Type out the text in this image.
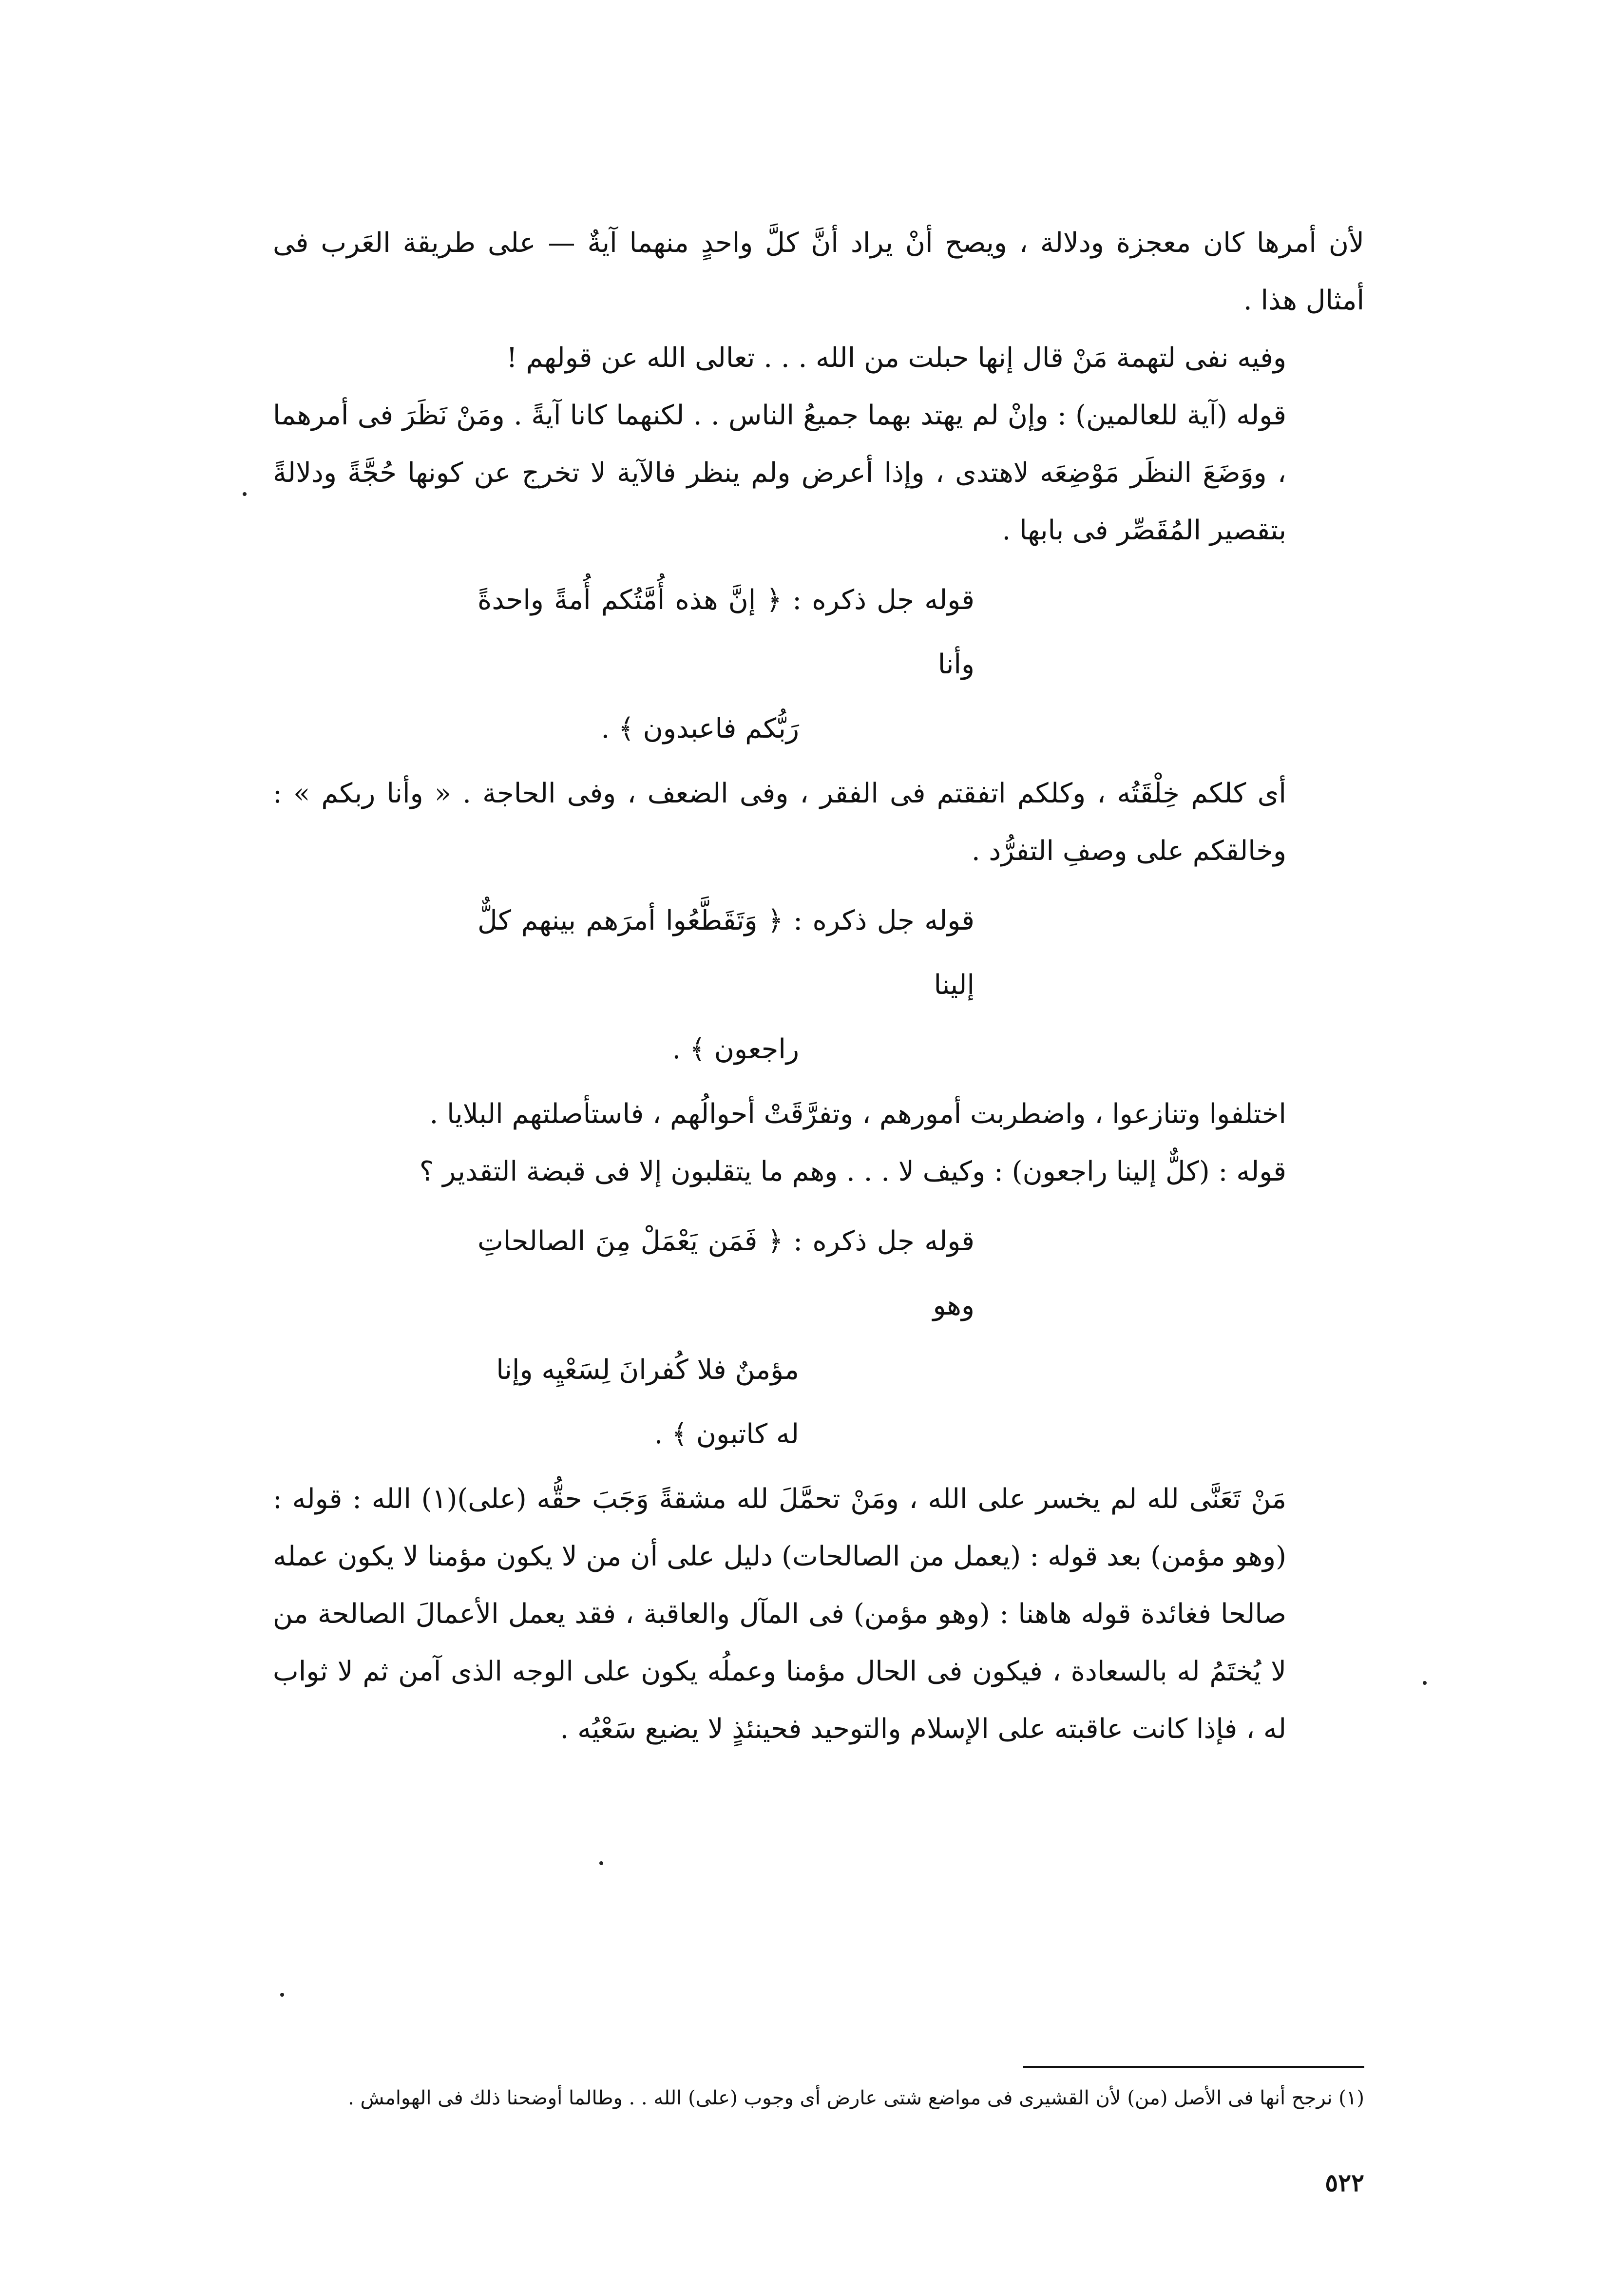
لأن أمرها كان معجزة ودلالة ، ويصح أنْ يراد أنَّ كلَّ واحدٍ منهما آيةٌ — على طريقة العَرب فى أمثال هذا .

وفيه نفى لتهمة مَنْ قال إنها حبلت من الله . . . تعالى الله عن قولهم !

قوله (آية للعالمين) : وإنْ لم يهتد بهما جميعُ الناس . . لكنهما كانا آيةً . ومَنْ نَظَرَ فى أمرهما ، ووَضَعَ النظَر مَوْضِعَه لاهتدى ، وإذا أعرض ولم ينظر فالآية لا تخرج عن كونها حُجَّةً ودلالةً بتقصير المُقَصِّر فى بابها .

قوله جل ذكره : ﴿ إنَّ هذه أُمَّتُكم أُمةً واحدةً وأنا
رَبُّكم فاعبدون ﴾ .

أى كلكم خِلْقَتُه ، وكلكم اتفقتم فى الفقر ، وفى الضعف ، وفى الحاجة . « وأنا ربكم » : وخالقكم على وصفِ التفرُّد .

قوله جل ذكره : ﴿ وَتَقَطَّعُوا أمرَهم بينهم كلٌّ إلينا
راجعون ﴾ .

اختلفوا وتنازعوا ، واضطربت أمورهم ، وتفرَّقَتْ أحوالُهم ، فاستأصلتهم البلايا .

قوله : (كلٌّ إلينا راجعون) : وكيف لا . . . وهم ما يتقلبون إلا فى قبضة التقدير ؟

قوله جل ذكره : ﴿ فَمَن يَعْمَلْ مِنَ الصالحاتِ وهو
مؤمنٌ فلا كُفرانَ لِسَعْيِه وإنا
له كاتبون ﴾ .

مَنْ تَعَنَّى لله لم يخسر على الله ، ومَنْ تحمَّلَ لله مشقةً وَجَبَ حقُّه (على)(١) الله : قوله : (وهو مؤمن) بعد قوله : (يعمل من الصالحات) دليل على أن من لا يكون مؤمنا لا يكون عمله صالحا فغائدة قوله هاهنا : (وهو مؤمن) فى المآل والعاقبة ، فقد يعمل الأعمالَ الصالحة من لا يُختَمُ له بالسعادة ، فيكون فى الحال مؤمنا وعملُه يكون على الوجه الذى آمن ثم لا ثواب له ، فإذا كانت عاقبته على الإسلام والتوحيد فحينئذٍ لا يضيع سَعْيُه .

(١) نرجح أنها فى الأصل (من) لأن القشيرى فى مواضع شتى عارض أى وجوب (على) الله . . وطالما أوضحنا ذلك فى الهوامش .

٥٢٢
